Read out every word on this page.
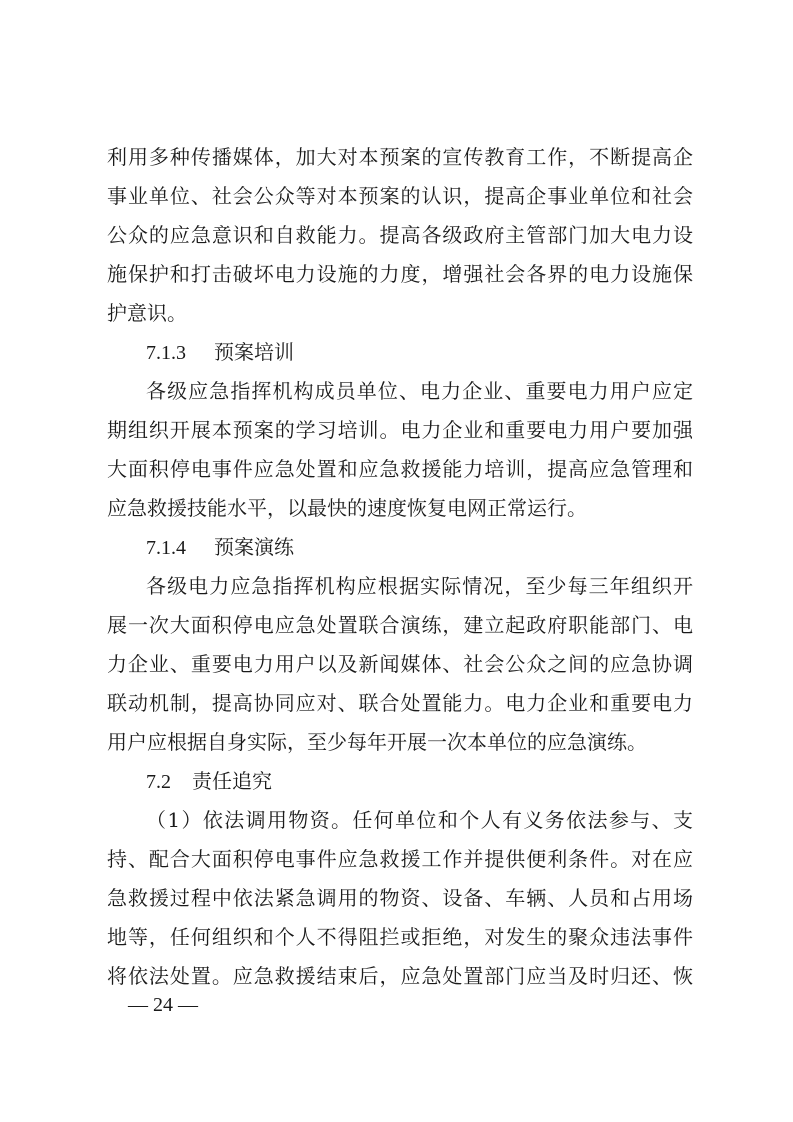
利用多种传播媒体，加大对本预案的宣传教育工作，不断提高企
事业单位、社会公众等对本预案的认识，提高企事业单位和社会
公众的应急意识和自救能力。提高各级政府主管部门加大电力设
施保护和打击破坏电力设施的力度，增强社会各界的电力设施保
护意识。
7.1.3 预案培训
各级应急指挥机构成员单位、电力企业、重要电力用户应定
期组织开展本预案的学习培训。电力企业和重要电力用户要加强
大面积停电事件应急处置和应急救援能力培训，提高应急管理和
应急救援技能水平，以最快的速度恢复电网正常运行。
7.1.4 预案演练
各级电力应急指挥机构应根据实际情况，至少每三年组织开
展一次大面积停电应急处置联合演练，建立起政府职能部门、电
力企业、重要电力用户以及新闻媒体、社会公众之间的应急协调
联动机制，提高协同应对、联合处置能力。电力企业和重要电力
用户应根据自身实际，至少每年开展一次本单位的应急演练。
7.2 责任追究
（1）依法调用物资。任何单位和个人有义务依法参与、支
持、配合大面积停电事件应急救援工作并提供便利条件。对在应
急救援过程中依法紧急调用的物资、设备、车辆、人员和占用场
地等，任何组织和个人不得阻拦或拒绝，对发生的聚众违法事件
将依法处置。应急救援结束后，应急处置部门应当及时归还、恢
— 24 —
